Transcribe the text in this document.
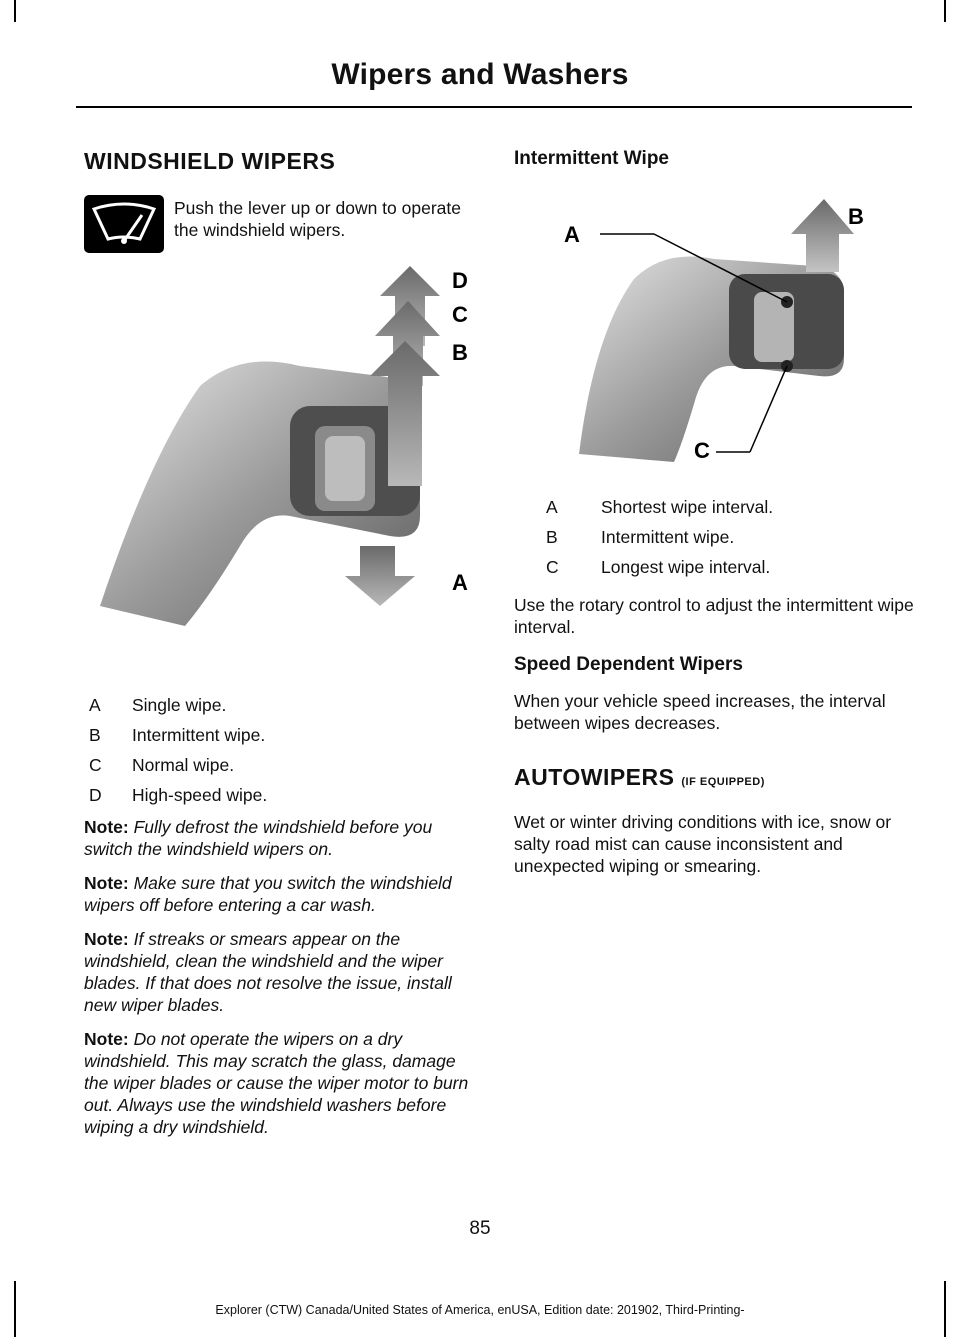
Wipers and Washers
WINDSHIELD WIPERS

Push the lever up or down to operate the windshield wipers.

D
C
B
A
A	Single wipe.
B	Intermittent wipe.
C	Normal wipe.
D	High-speed wipe.

Note: Fully defrost the windshield before you switch the windshield wipers on.

Note: Make sure that you switch the windshield wipers off before entering a car wash.

Note: If streaks or smears appear on the windshield, clean the windshield and the wiper blades. If that does not resolve the issue, install new wiper blades.

Note: Do not operate the wipers on a dry windshield. This may scratch the glass, damage the wiper blades or cause the wiper motor to burn out. Always use the windshield washers before wiping a dry windshield.

Intermittent Wipe
A
B
C
A	Shortest wipe interval.
B	Intermittent wipe.
C	Longest wipe interval.

Use the rotary control to adjust the intermittent wipe interval.

Speed Dependent Wipers

When your vehicle speed increases, the interval between wipes decreases.

AUTOWIPERS (IF EQUIPPED)

Wet or winter driving conditions with ice, snow or salty road mist can cause inconsistent and unexpected wiping or smearing.

85
Explorer (CTW) Canada/United States of America, enUSA, Edition date: 201902, Third-Printing-
